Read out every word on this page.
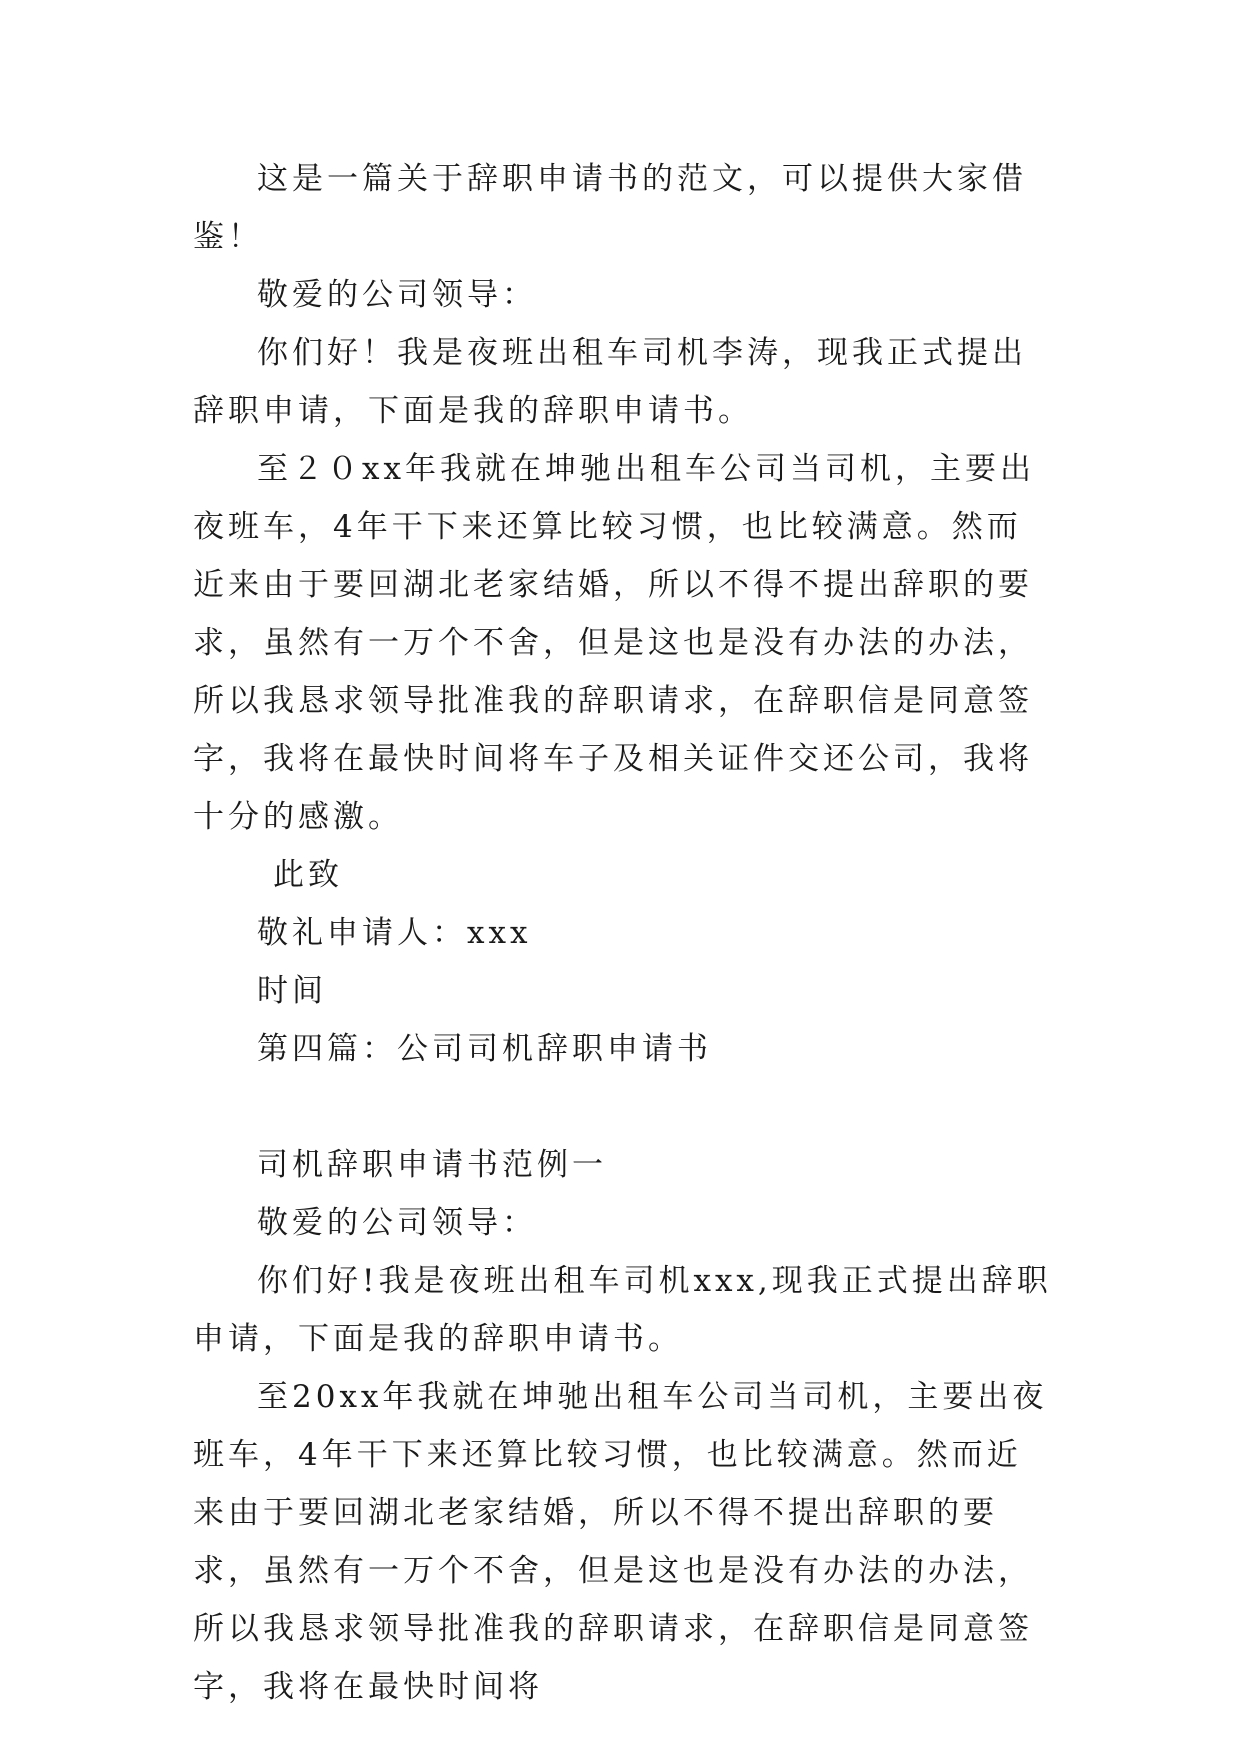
这是一篇关于辞职申请书的范文，可以提供大家借鉴！

敬爱的公司领导：

你们好！我是夜班出租车司机李涛，现我正式提出辞职申请，下面是我的辞职申请书。

至２０xx年我就在坤驰出租车公司当司机，主要出夜班车，4年干下来还算比较习惯，也比较满意。然而近来由于要回湖北老家结婚，所以不得不提出辞职的要求，虽然有一万个不舍，但是这也是没有办法的办法，所以我恳求领导批准我的辞职请求，在辞职信是同意签字，我将在最快时间将车子及相关证件交还公司，我将十分的感激。

此致

敬礼申请人：xxx

时间

第四篇：公司司机辞职申请书

司机辞职申请书范例一

敬爱的公司领导：

你们好!我是夜班出租车司机xxx,现我正式提出辞职申请，下面是我的辞职申请书。

至20xx年我就在坤驰出租车公司当司机，主要出夜班车，4年干下来还算比较习惯，也比较满意。然而近来由于要回湖北老家结婚，所以不得不提出辞职的要求，虽然有一万个不舍，但是这也是没有办法的办法，所以我恳求领导批准我的辞职请求，在辞职信是同意签字，我将在最快时间将
